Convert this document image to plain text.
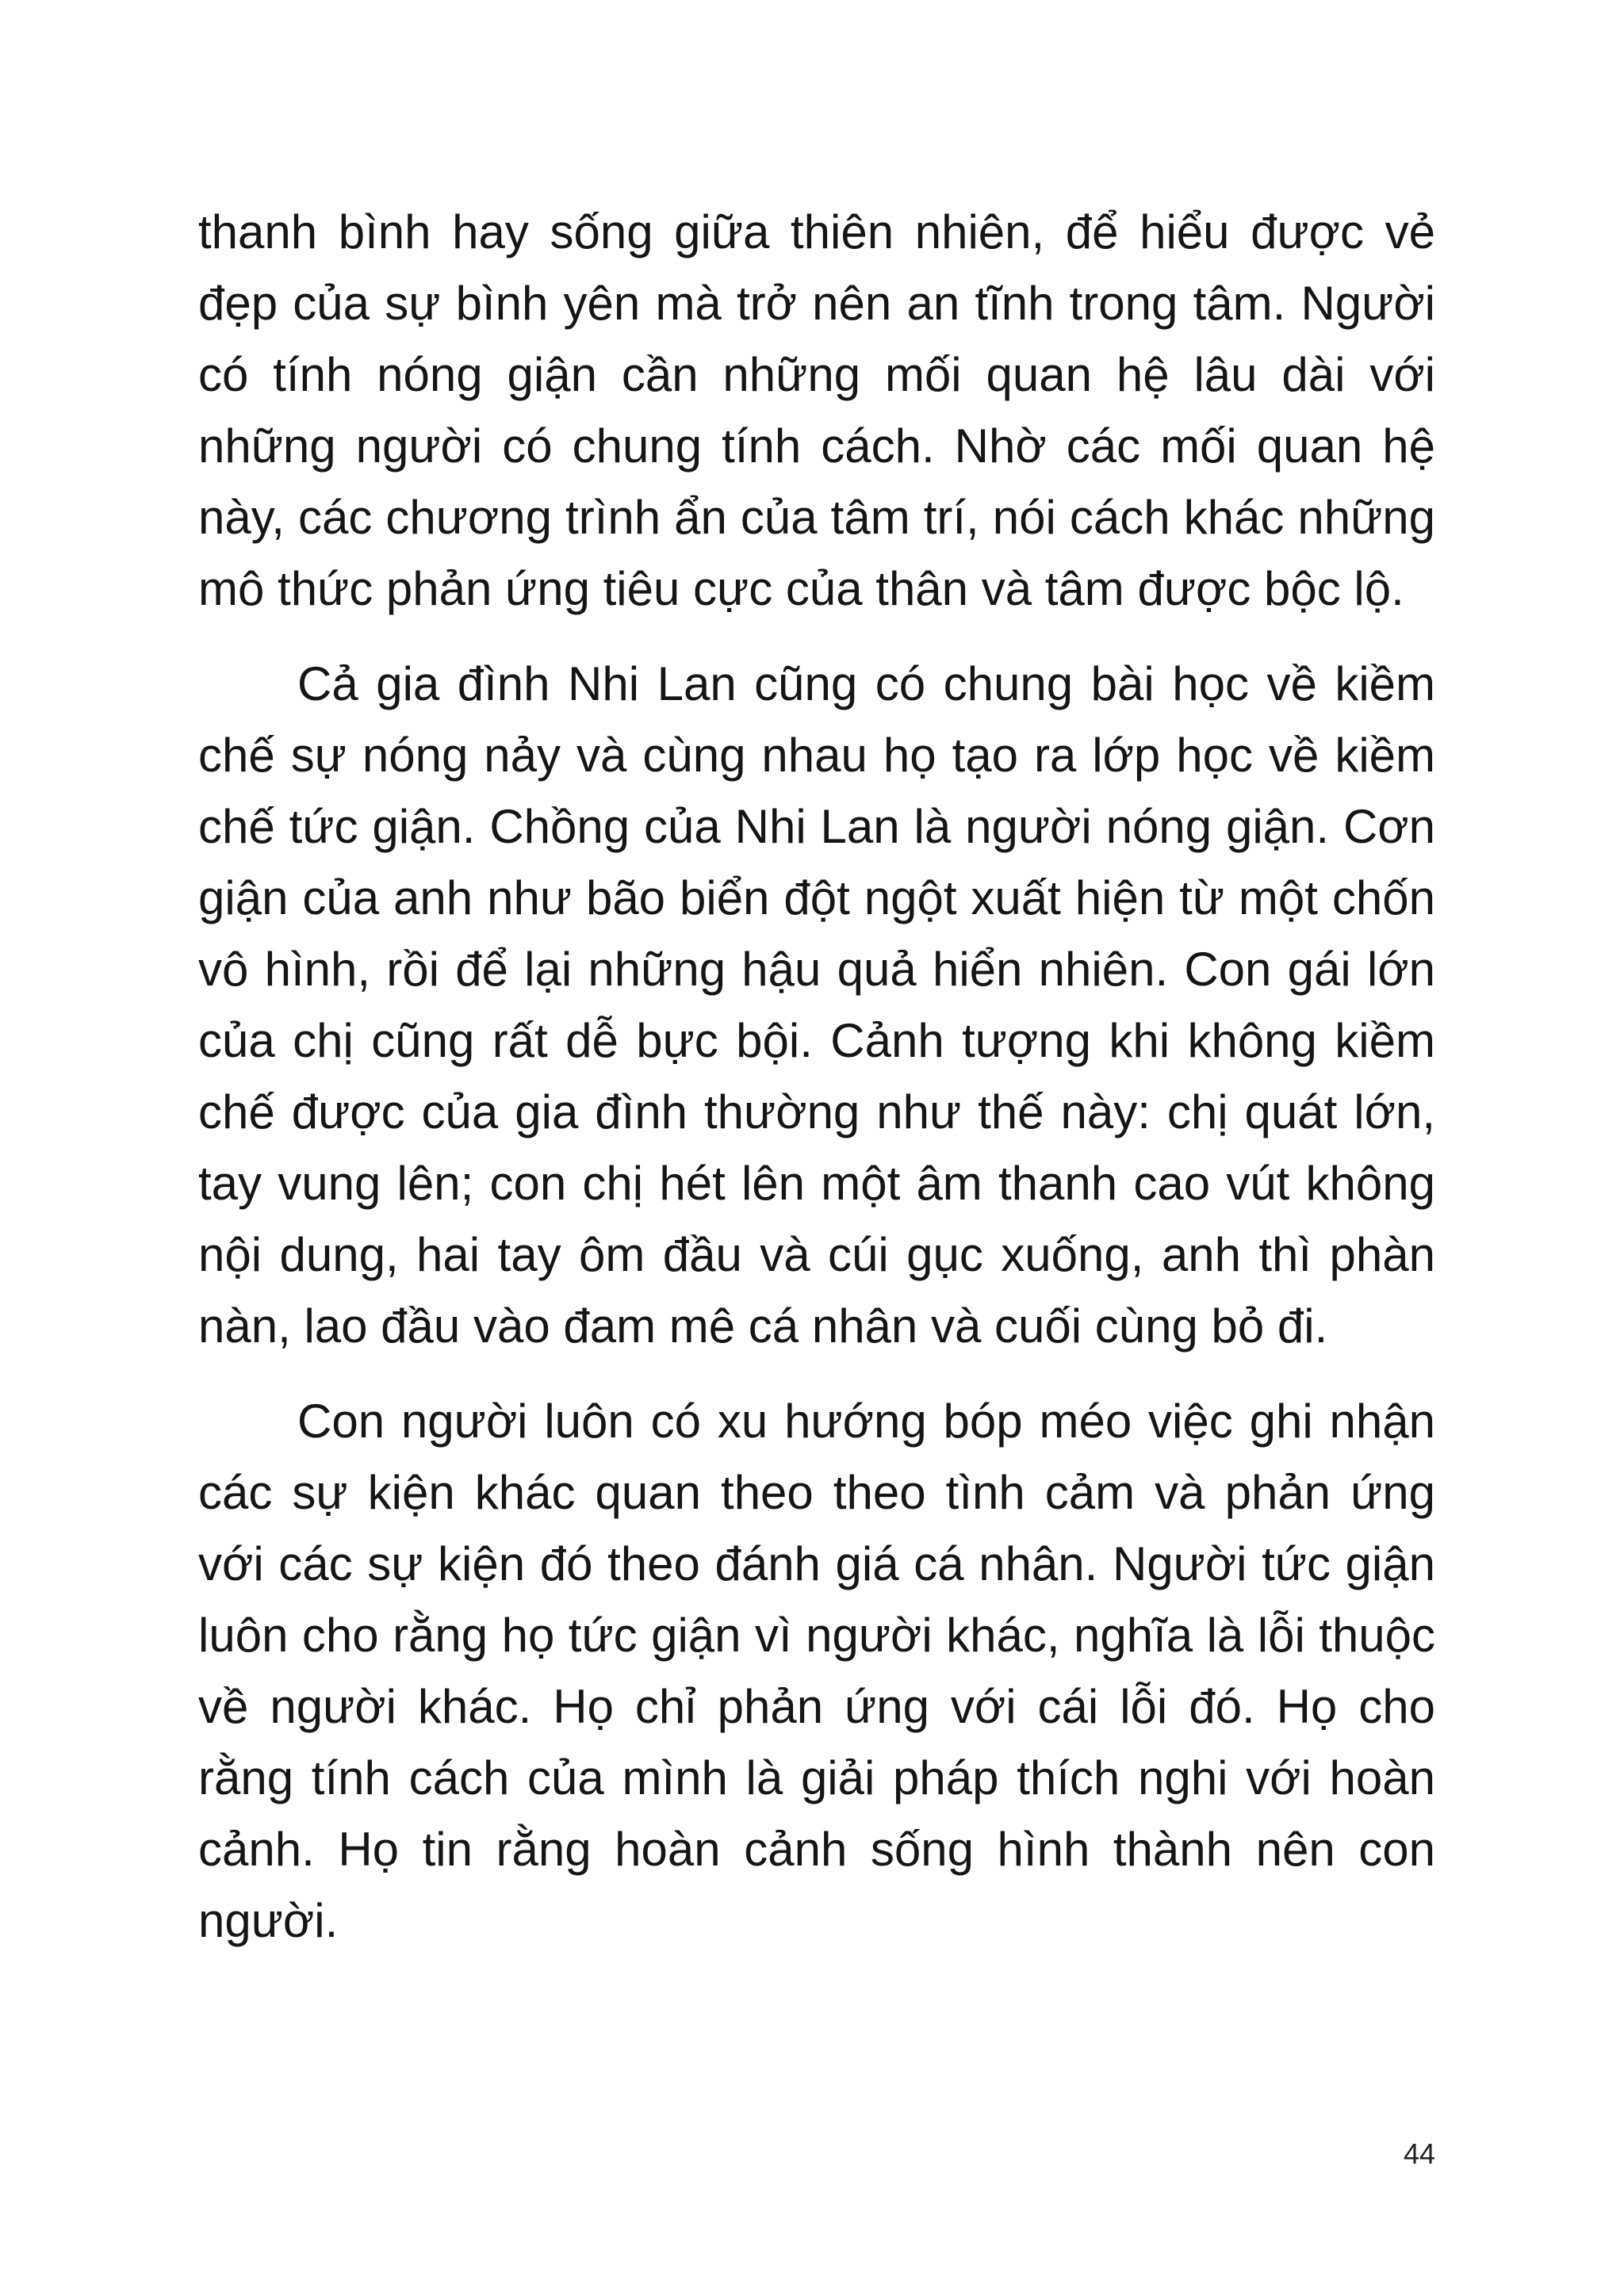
thanh bình hay sống giữa thiên nhiên, để hiểu được vẻ đẹp của sự bình yên mà trở nên an tĩnh trong tâm. Người có tính nóng giận cần những mối quan hệ lâu dài với những người có chung tính cách. Nhờ các mối quan hệ này, các chương trình ẩn của tâm trí, nói cách khác những mô thức phản ứng tiêu cực của thân và tâm được bộc lộ.

Cả gia đình Nhi Lan cũng có chung bài học về kiềm chế sự nóng nảy và cùng nhau họ tạo ra lớp học về kiềm chế tức giận. Chồng của Nhi Lan là người nóng giận. Cơn giận của anh như bão biển đột ngột xuất hiện từ một chốn vô hình, rồi để lại những hậu quả hiển nhiên. Con gái lớn của chị cũng rất dễ bực bội. Cảnh tượng khi không kiềm chế được của gia đình thường như thế này: chị quát lớn, tay vung lên; con chị hét lên một âm thanh cao vút không nội dung, hai tay ôm đầu và cúi gục xuống, anh thì phàn nàn, lao đầu vào đam mê cá nhân và cuối cùng bỏ đi.

Con người luôn có xu hướng bóp méo việc ghi nhận các sự kiện khác quan theo theo tình cảm và phản ứng với các sự kiện đó theo đánh giá cá nhân. Người tức giận luôn cho rằng họ tức giận vì người khác, nghĩa là lỗi thuộc về người khác. Họ chỉ phản ứng với cái lỗi đó. Họ cho rằng tính cách của mình là giải pháp thích nghi với hoàn cảnh. Họ tin rằng hoàn cảnh sống hình thành nên con người.

44
